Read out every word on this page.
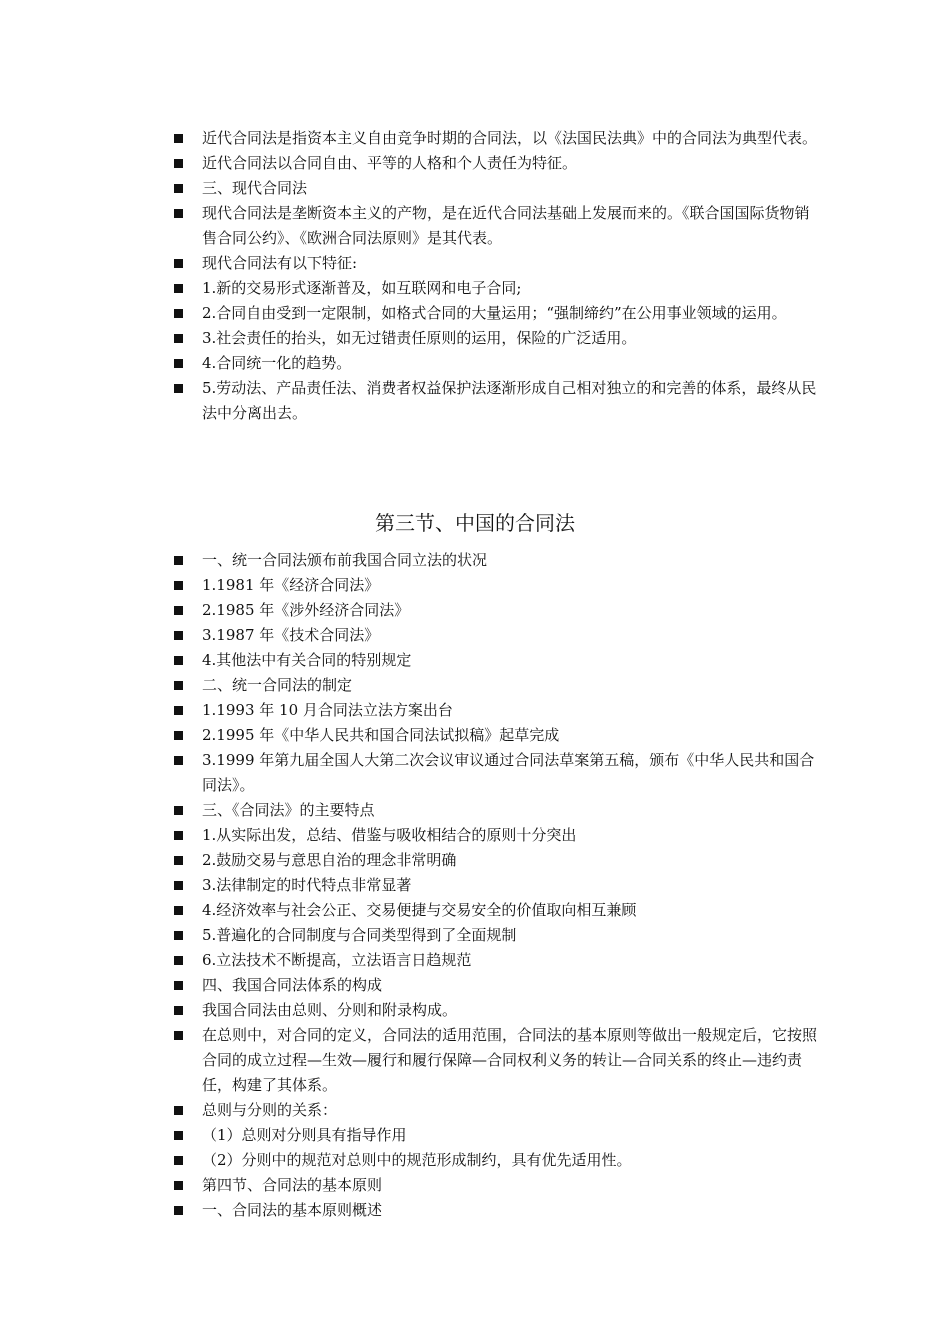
近代合同法是指资本主义自由竞争时期的合同法，以《法国民法典》中的合同法为典型代表。
近代合同法以合同自由、平等的人格和个人责任为特征。
三、现代合同法
现代合同法是垄断资本主义的产物，是在近代合同法基础上发展而来的。《联合国国际货物销售合同公约》、《欧洲合同法原则》是其代表。
现代合同法有以下特征:
1.新的交易形式逐渐普及，如互联网和电子合同;
2.合同自由受到一定限制，如格式合同的大量运用；“强制缔约”在公用事业领域的运用。
3.社会责任的抬头，如无过错责任原则的运用，保险的广泛适用。
4.合同统一化的趋势。
5.劳动法、产品责任法、消费者权益保护法逐渐形成自己相对独立的和完善的体系，最终从民法中分离出去。
第三节、中国的合同法
一、统一合同法颁布前我国合同立法的状况
1.1981 年《经济合同法》
2.1985 年《涉外经济合同法》
3.1987 年《技术合同法》
4.其他法中有关合同的特别规定
二、统一合同法的制定
1.1993 年 10 月合同法立法方案出台
2.1995 年《中华人民共和国合同法试拟稿》起草完成
3.1999 年第九届全国人大第二次会议审议通过合同法草案第五稿，颁布《中华人民共和国合同法》。
三、《合同法》的主要特点
1.从实际出发，总结、借鉴与吸收相结合的原则十分突出
2.鼓励交易与意思自治的理念非常明确
3.法律制定的时代特点非常显著
4.经济效率与社会公正、交易便捷与交易安全的价值取向相互兼顾
5.普遍化的合同制度与合同类型得到了全面规制
6.立法技术不断提高，立法语言日趋规范
四、我国合同法体系的构成
我国合同法由总则、分则和附录构成。
在总则中，对合同的定义，合同法的适用范围，合同法的基本原则等做出一般规定后，它按照合同的成立过程—生效—履行和履行保障—合同权利义务的转让—合同关系的终止—违约责任，构建了其体系。
总则与分则的关系：
（1）总则对分则具有指导作用
（2）分则中的规范对总则中的规范形成制约，具有优先适用性。
第四节、合同法的基本原则
一、合同法的基本原则概述
